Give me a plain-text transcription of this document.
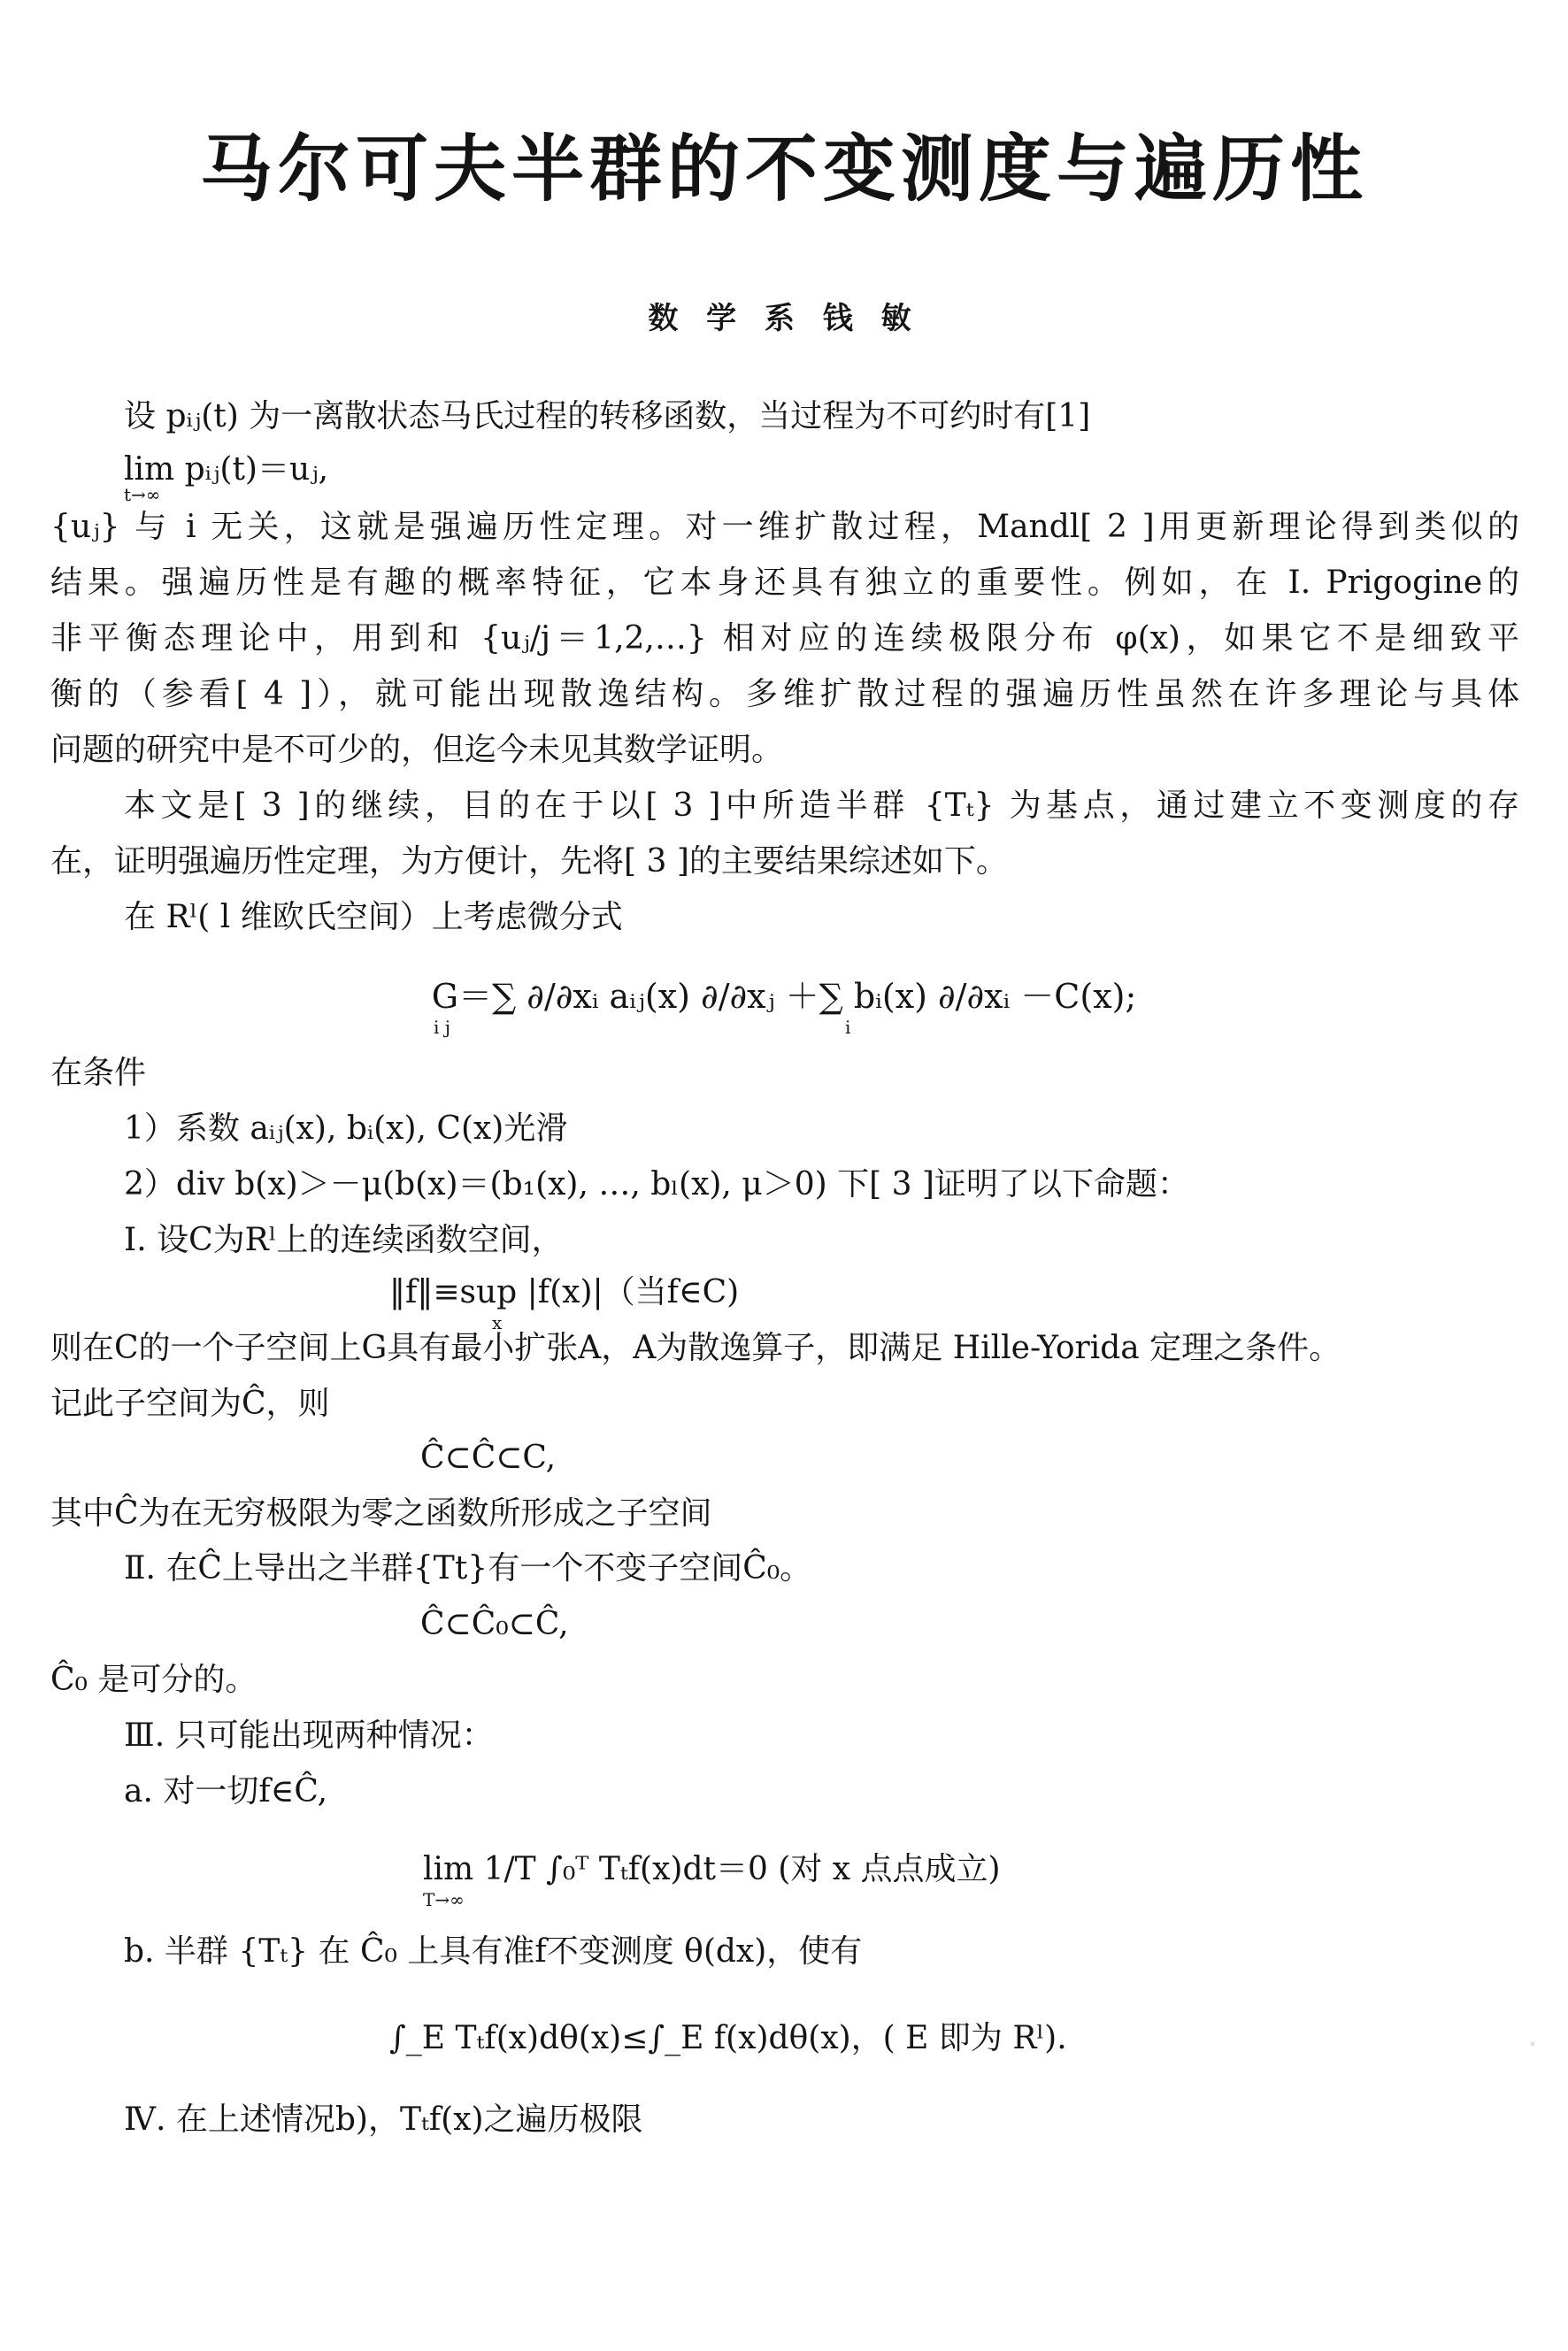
马尔可夫半群的不变测度与遍历性
数 学 系 钱 敏
设 pᵢⱼ(t) 为一离散状态马氏过程的转移函数，当过程为不可约时有[1]
lim pᵢⱼ(t)＝uⱼ,
t→∞
{uⱼ} 与 i 无关，这就是强遍历性定理。对一维扩散过程，Mandl[ 2 ]用更新理论得到类似的
结果。强遍历性是有趣的概率特征，它本身还具有独立的重要性。例如，在 I. Prigogine的
非平衡态理论中，用到和 {uⱼ/j＝1,2,…} 相对应的连续极限分布 φ(x)，如果它不是细致平
衡的（参看[ 4 ]），就可能出现散逸结构。多维扩散过程的强遍历性虽然在许多理论与具体
问题的研究中是不可少的，但迄今未见其数学证明。
本文是[ 3 ]的继续，目的在于以[ 3 ]中所造半群 {Tₜ} 为基点，通过建立不变测度的存
在，证明强遍历性定理，为方便计，先将[ 3 ]的主要结果综述如下。
在 Rˡ( l 维欧氏空间）上考虑微分式
G＝∑ ∂/∂xᵢ aᵢⱼ(x) ∂/∂xⱼ ＋∑ bᵢ(x) ∂/∂xᵢ －C(x);
i j	i
在条件
1）系数 aᵢⱼ(x), bᵢ(x), C(x)光滑
2）div b(x)＞－μ(b(x)＝(b₁(x), …, bₗ(x), μ＞0) 下[ 3 ]证明了以下命题：
Ⅰ. 设C为Rˡ上的连续函数空间，
‖f‖≡sup |f(x)|（当f∈C)
x
则在C的一个子空间上G具有最小扩张A，A为散逸算子，即满足 Hille-Yorida 定理之条件。
记此子空间为Ĉ，则
Ĉ⊂Ĉ⊂C,
其中Ĉ为在无穷极限为零之函数所形成之子空间
Ⅱ. 在Ĉ上导出之半群{Tt}有一个不变子空间Ĉ₀。
Ĉ⊂Ĉ₀⊂Ĉ,
Ĉ₀ 是可分的。
Ⅲ. 只可能出现两种情况：
a. 对一切f∈Ĉ,
lim 1/T ∫₀ᵀ Tₜf(x)dt＝0 (对 x 点点成立)
T→∞
b. 半群 {Tₜ} 在 Ĉ₀ 上具有准f不变测度 θ(dx)，使有
∫_E Tₜf(x)dθ(x)≤∫_E f(x)dθ(x)，( E 即为 Rˡ).
Ⅳ. 在上述情况b)，Tₜf(x)之遍历极限
